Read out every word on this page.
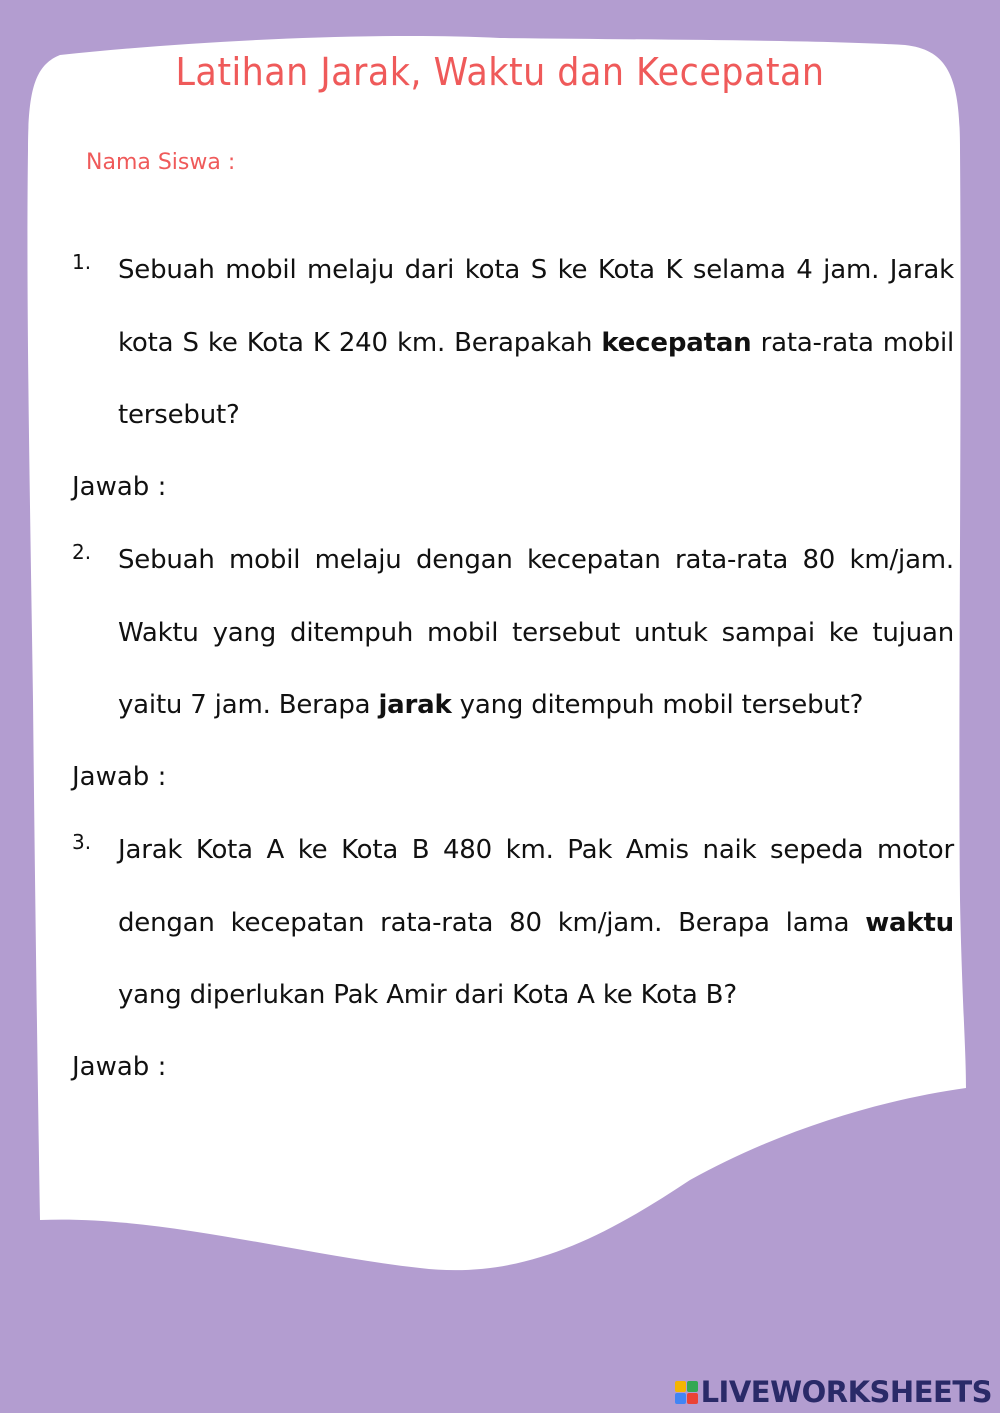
Latihan Jarak, Waktu dan Kecepatan
Nama Siswa :
1. Sebuah mobil melaju dari kota S ke Kota K selama 4 jam. Jarak kota S ke Kota K 240 km. Berapakah kecepatan rata-rata mobil tersebut?
Jawab :
2. Sebuah mobil melaju dengan kecepatan rata-rata 80 km/jam. Waktu yang ditempuh mobil tersebut untuk sampai ke tujuan yaitu 7 jam. Berapa jarak yang ditempuh mobil tersebut?
Jawab :
3. Jarak Kota A ke Kota B 480 km. Pak Amis naik sepeda motor dengan kecepatan rata-rata 80 km/jam. Berapa lama waktu yang diperlukan Pak Amir dari Kota A ke Kota B?
Jawab :
LIVEWORKSHEETS
